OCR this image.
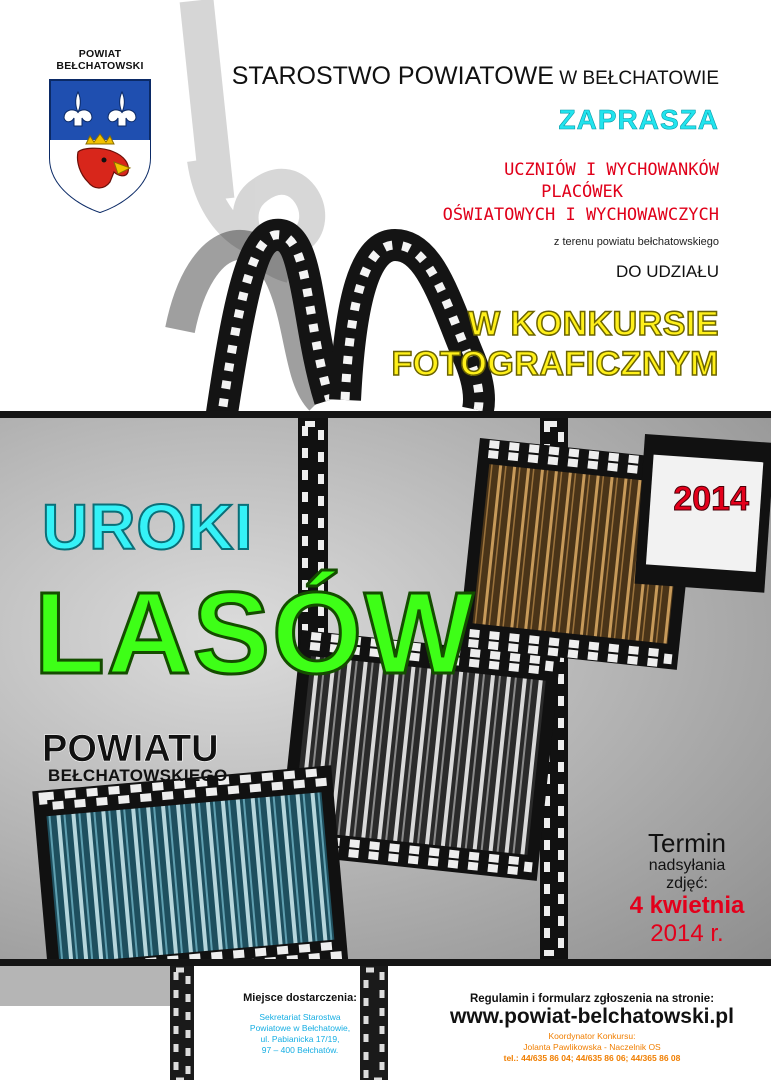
POWIAT BEŁCHATOWSKI	STAROSTWO POWIATOWE W BEŁCHATOWIE
ZAPRASZA
UCZNIÓW I WYCHOWANKÓW
PLACÓWEK
OŚWIATOWYCH I WYCHOWAWCZYCH
z terenu powiatu bełchatowskiego
DO UDZIAŁU
W KONKURSIE
FOTOGRAFICZNYM
2014
UROKI
LASÓW
POWIATU
BEŁCHATOWSKIEGO
Termin
nadsyłania
zdjęć:
4 kwietnia
2014 r.
Miejsce dostarczenia:
Sekretariat Starostwa
Powiatowe w Bełchatowie,
ul. Pabianicka 17/19,
97 – 400 Bełchatów.
Regulamin i formularz zgłoszenia na stronie:
www.powiat-belchatowski.pl
Koordynator Konkursu:
Jolanta Pawlikowska - Naczelnik OS
tel.: 44/635 86 04; 44/635 86 06; 44/365 86 08
